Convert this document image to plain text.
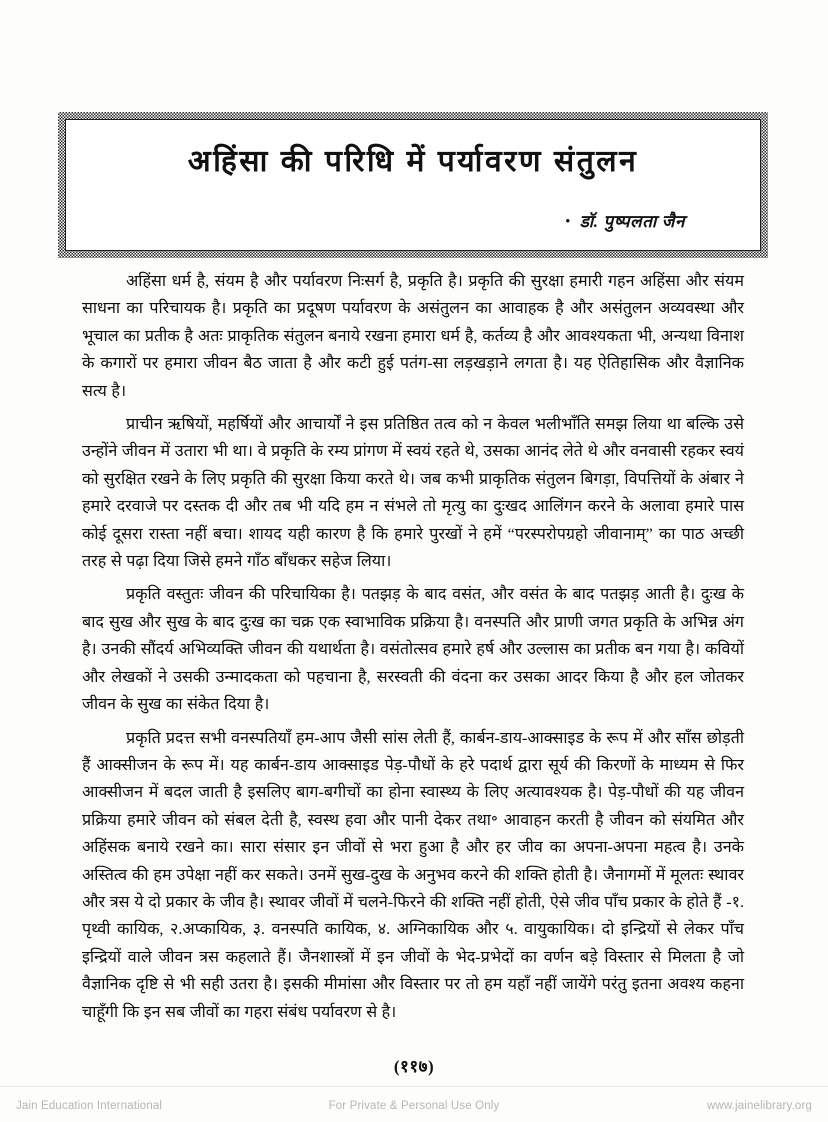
अहिंसा की परिधि में पर्यावरण संतुलन
• डॉ. पुष्पलता जैन

अहिंसा धर्म है, संयम है और पर्यावरण निःसर्ग है, प्रकृति है। प्रकृति की सुरक्षा हमारी गहन अहिंसा और संयम साधना का परिचायक है। प्रकृति का प्रदूषण पर्यावरण के असंतुलन का आवाहक है और असंतुलन अव्यवस्था और भूचाल का प्रतीक है अतः प्राकृतिक संतुलन बनाये रखना हमारा धर्म है, कर्तव्य है और आवश्यकता भी, अन्यथा विनाश के कगारों पर हमारा जीवन बैठ जाता है और कटी हुई पतंग-सा लड़खड़ाने लगता है। यह ऐतिहासिक और वैज्ञानिक सत्य है।

प्राचीन ऋषियों, महर्षियों और आचार्यों ने इस प्रतिष्ठित तत्व को न केवल भलीभाँति समझ लिया था बल्कि उसे उन्होंने जीवन में उतारा भी था। वे प्रकृति के रम्य प्रांगण में स्वयं रहते थे, उसका आनंद लेते थे और वनवासी रहकर स्वयं को सुरक्षित रखने के लिए प्रकृति की सुरक्षा किया करते थे। जब कभी प्राकृतिक संतुलन बिगड़ा, विपत्तियों के अंबार ने हमारे दरवाजे पर दस्तक दी और तब भी यदि हम न संभले तो मृत्यु का दुःखद आलिंगन करने के अलावा हमारे पास कोई दूसरा रास्ता नहीं बचा। शायद यही कारण है कि हमारे पुरखों ने हमें “परस्परोपग्रहो जीवानाम्” का पाठ अच्छी तरह से पढ़ा दिया जिसे हमने गाँठ बाँधकर सहेज लिया।

प्रकृति वस्तुतः जीवन की परिचायिका है। पतझड़ के बाद वसंत, और वसंत के बाद पतझड़ आती है। दुःख के बाद सुख और सुख के बाद दुःख का चक्र एक स्वाभाविक प्रक्रिया है। वनस्पति और प्राणी जगत प्रकृति के अभिन्न अंग है। उनकी सौंदर्य अभिव्यक्ति जीवन की यथार्थता है। वसंतोत्सव हमारे हर्ष और उल्लास का प्रतीक बन गया है। कवियों और लेखकों ने उसकी उन्मादकता को पहचाना है, सरस्वती की वंदना कर उसका आदर किया है और हल जोतकर जीवन के सुख का संकेत दिया है।

प्रकृति प्रदत्त सभी वनस्पतियाँ हम-आप जैसी सांस लेती हैं, कार्बन-डाय-आक्साइड के रूप में और साँस छोड़ती हैं आक्सीजन के रूप में। यह कार्बन-डाय आक्साइड पेड़-पौधों के हरे पदार्थ द्वारा सूर्य की किरणों के माध्यम से फिर आक्सीजन में बदल जाती है इसलिए बाग-बगीचों का होना स्वास्थ्य के लिए अत्यावश्यक है। पेड़-पौधों की यह जीवन प्रक्रिया हमारे जीवन को संबल देती है, स्वस्थ हवा और पानी देकर तथा॰ आवाहन करती है जीवन को संयमित और अहिंसक बनाये रखने का। सारा संसार इन जीवों से भरा हुआ है और हर जीव का अपना-अपना महत्व है। उनके अस्तित्व की हम उपेक्षा नहीं कर सकते। उनमें सुख-दुख के अनुभव करने की शक्ति होती है। जैनागमों में मूलतः स्थावर और त्रस ये दो प्रकार के जीव है। स्थावर जीवों में चलने-फिरने की शक्ति नहीं होती, ऐसे जीव पाँच प्रकार के होते हैं -१. पृथ्वी कायिक, २.अप्कायिक, ३. वनस्पति कायिक, ४. अग्निकायिक और ५. वायुकायिक। दो इन्द्रियों से लेकर पाँच इन्द्रियों वाले जीवन त्रस कहलाते हैं। जैनशास्त्रों में इन जीवों के भेद-प्रभेदों का वर्णन बड़े विस्तार से मिलता है जो वैज्ञानिक दृष्टि से भी सही उतरा है। इसकी मीमांसा और विस्तार पर तो हम यहाँ नहीं जायेंगे परंतु इतना अवश्य कहना चाहूँगी कि इन सब जीवों का गहरा संबंध पर्यावरण से है।

(११७)
Jain Education International	For Private & Personal Use Only	www.jainelibrary.org
